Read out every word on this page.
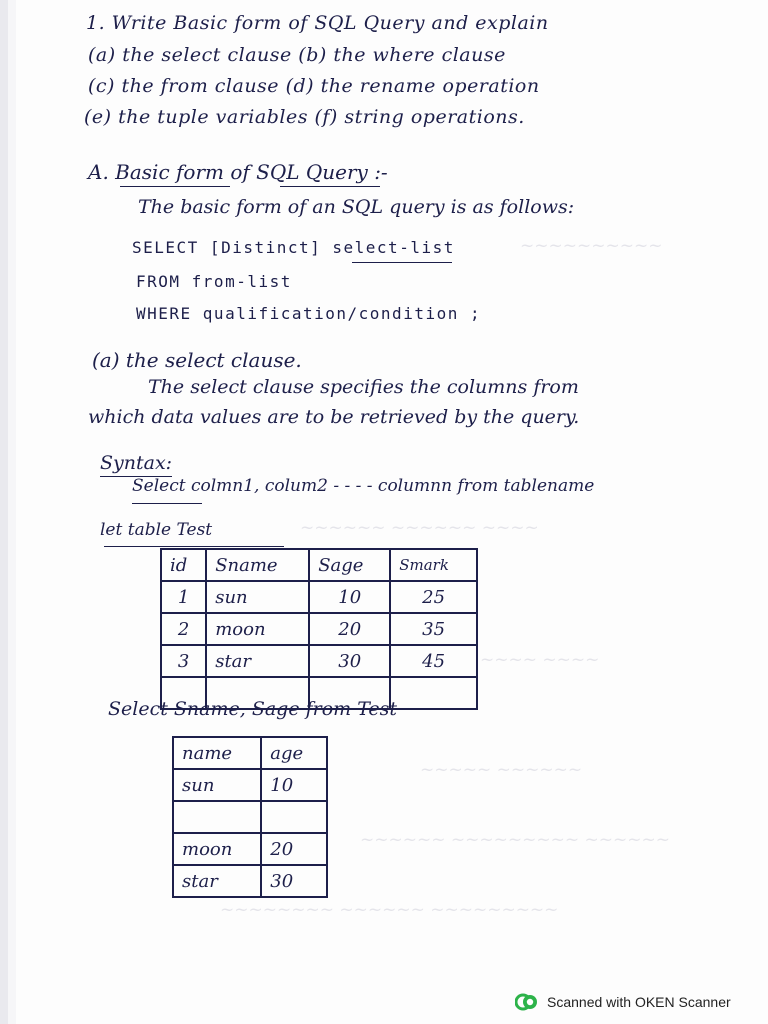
~~~~~~~~~~
~~~~~~ ~~~~~~ ~~~~
~~~~ ~~~~
~~~~~ ~~~~~~
~~~~~~ ~~~~~~~~~ ~~~~~~
~~~~~~~~ ~~~~~~ ~~~~~~~~~
1. Write Basic form of SQL Query and explain
(a) the select clause (b) the where clause
(c) the from clause (d) the rename operation
(e) the tuple variables (f) string operations.
A. Basic form of SQL Query :-
The basic form of an SQL query is as follows:
SELECT [Distinct] select-list
FROM from-list
WHERE qualification/condition ;
(a) the select clause.
The select clause specifies the columns from
which data values are to be retrieved by the query.
Syntax:
Select colmn1, colum2 - - - - columnn from tablename
let table Test
id	Sname	Sage	Smark
1	sun	10	25
2	moon	20	35
3	star	30	45

Select Sname, Sage from Test
name	age
sun	10

moon	20
star	30
Scanned with OKEN Scanner
